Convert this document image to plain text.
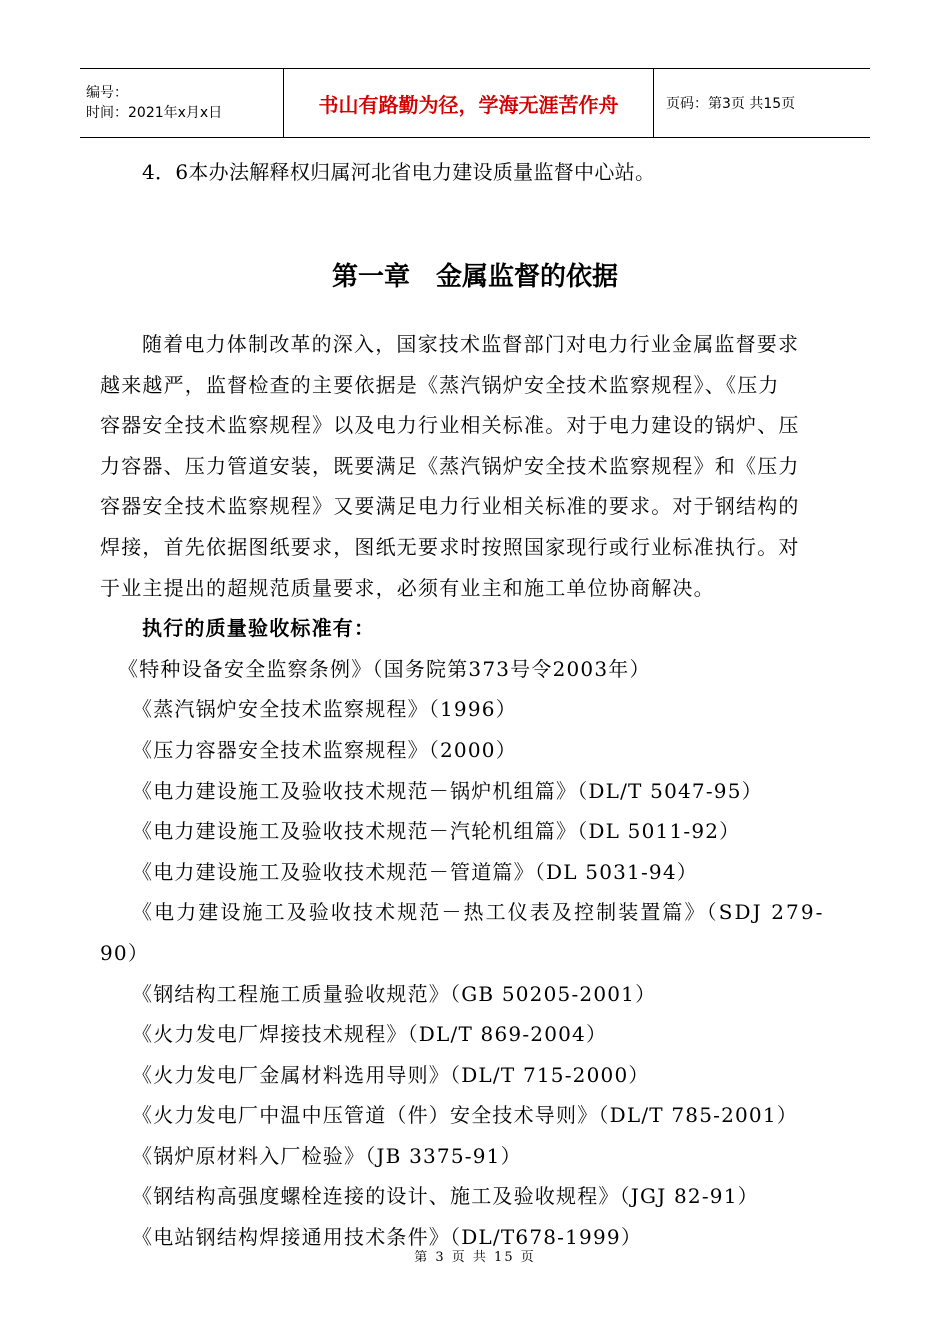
编号：
时间：2021年x月x日	书山有路勤为径，学海无涯苦作舟	页码：第3页 共15页
4．6本办法解释权归属河北省电力建设质量监督中心站。
第一章　金属监督的依据
随着电力体制改革的深入，国家技术监督部门对电力行业金属监督要求
越来越严，监督检查的主要依据是《蒸汽锅炉安全技术监察规程》、《压力
容器安全技术监察规程》以及电力行业相关标准。对于电力建设的锅炉、压
力容器、压力管道安装，既要满足《蒸汽锅炉安全技术监察规程》和《压力
容器安全技术监察规程》又要满足电力行业相关标准的要求。对于钢结构的
焊接，首先依据图纸要求，图纸无要求时按照国家现行或行业标准执行。对
于业主提出的超规范质量要求，必须有业主和施工单位协商解决。
执行的质量验收标准有：
《特种设备安全监察条例》（国务院第373号令2003年）
《蒸汽锅炉安全技术监察规程》（1996）
《压力容器安全技术监察规程》（2000）
《电力建设施工及验收技术规范－锅炉机组篇》（DL/T 5047-95）
《电力建设施工及验收技术规范－汽轮机组篇》（DL 5011-92）
《电力建设施工及验收技术规范－管道篇》（DL 5031-94）
《电力建设施工及验收技术规范－热工仪表及控制装置篇》（SDJ 279-
90）
《钢结构工程施工质量验收规范》（GB 50205-2001）
《火力发电厂焊接技术规程》（DL/T 869-2004）
《火力发电厂金属材料选用导则》（DL/T 715-2000）
《火力发电厂中温中压管道（件）安全技术导则》（DL/T 785-2001）
《锅炉原材料入厂检验》（JB 3375-91）
《钢结构高强度螺栓连接的设计、施工及验收规程》（JGJ 82-91）
《电站钢结构焊接通用技术条件》（DL/T678-1999）
第 3 页 共 15 页
